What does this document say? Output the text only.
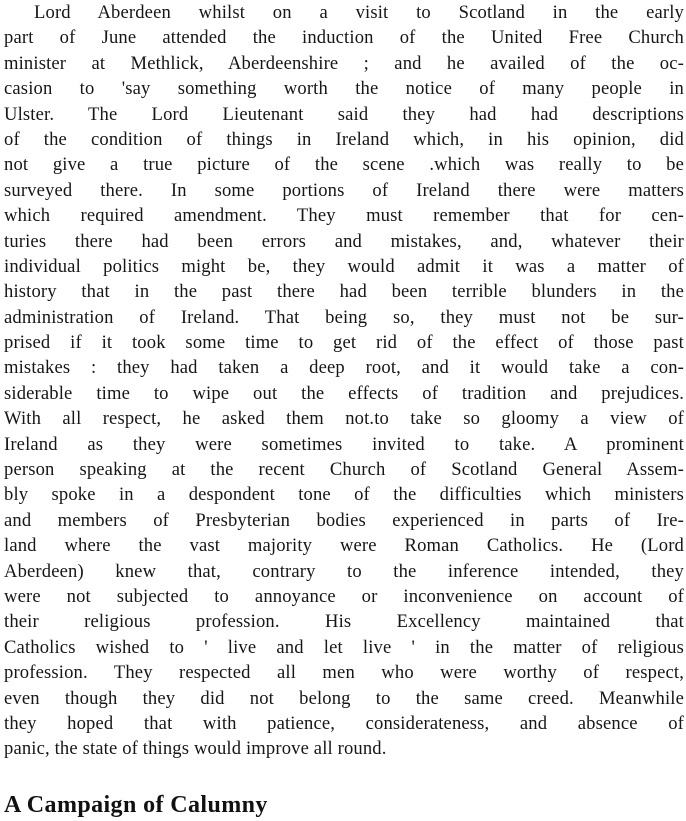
Lord Aberdeen whilst on a visit to Scotland in the early
part of June attended the induction of the United Free Church
minister at Methlick, Aberdeenshire ; and he availed of the oc-
casion to 'say something worth the notice of many people in
Ulster. The Lord Lieutenant said they had had descriptions
of the condition of things in Ireland which, in his opinion, did
not give a true picture of the scene .which was really to be
surveyed there. In some portions of Ireland there were matters
which required amendment. They must remember that for cen-
turies there had been errors and mistakes, and, whatever their
individual politics might be, they would admit it was a matter of
history that in the past there had been terrible blunders in the
administration of Ireland. That being so, they must not be sur-
prised if it took some time to get rid of the effect of those past
mistakes : they had taken a deep root, and it would take a con-
siderable time to wipe out the effects of tradition and prejudices.
With all respect, he asked them not.to take so gloomy a view of
Ireland as they were sometimes invited to take. A prominent
person speaking at the recent Church of Scotland General Assem-
bly spoke in a despondent tone of the difficulties which ministers
and members of Presbyterian bodies experienced in parts of Ire-
land where the vast majority were Roman Catholics. He (Lord
Aberdeen) knew that, contrary to the inference intended, they
were not subjected to annoyance or inconvenience on account of
their religious profession. His Excellency maintained that
Catholics wished to ' live and let live ' in the matter of religious
profession. They respected all men who were worthy of respect,
even though they did not belong to the same creed. Meanwhile
they hoped that with patience, considerateness, and absence of
panic, the state of things would improve all round.
A Campaign of Calumny
